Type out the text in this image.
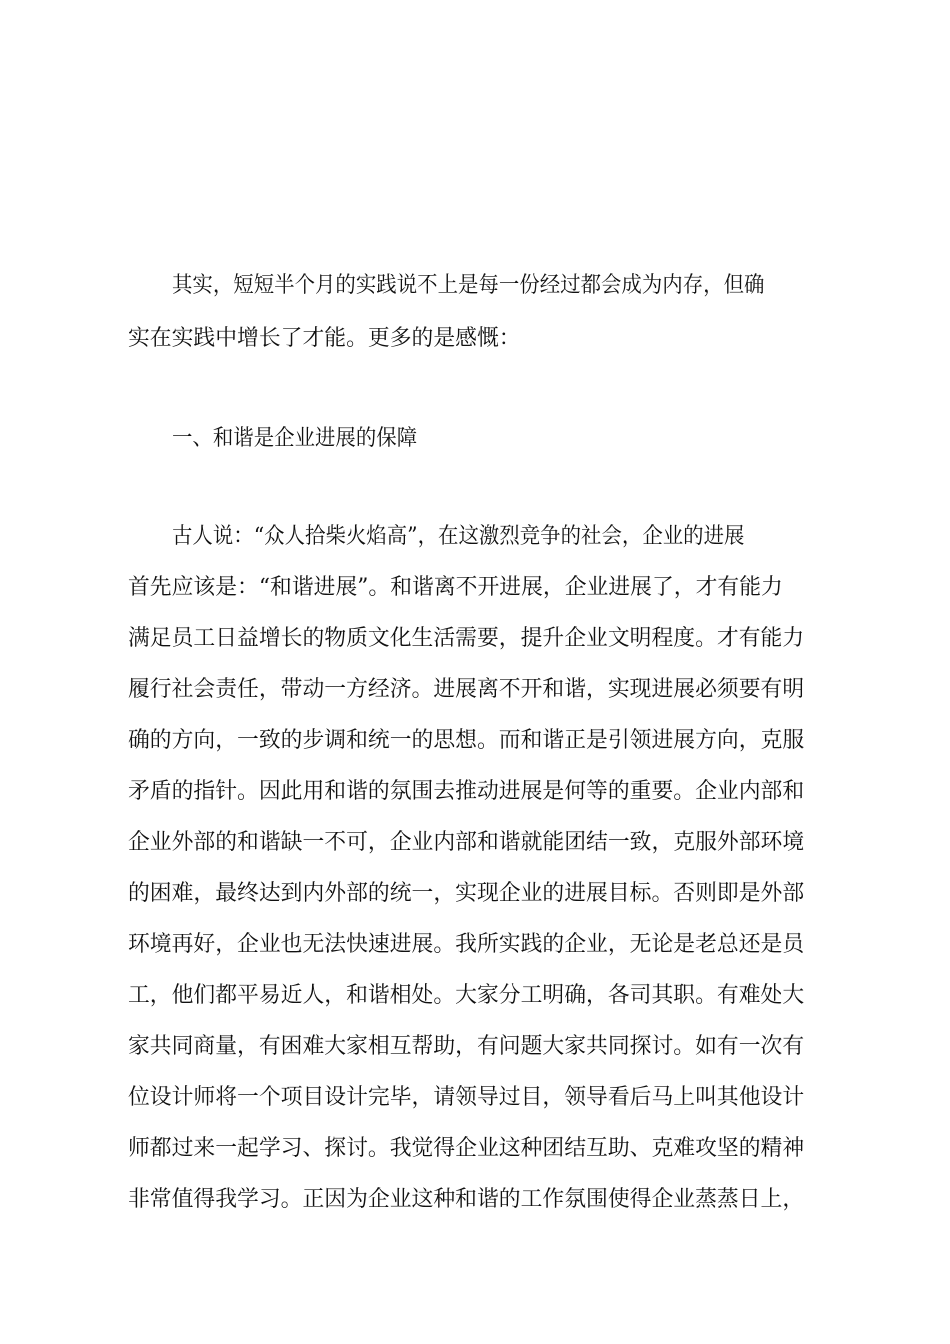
其实，短短半个月的实践说不上是每一份经过都会成为内存，但确
实在实践中增长了才能。更多的是感慨：
一、和谐是企业进展的保障
古人说：“众人拾柴火焰高”，在这激烈竞争的社会，企业的进展
首先应该是：“和谐进展”。和谐离不开进展，企业进展了，才有能力
满足员工日益增长的物质文化生活需要，提升企业文明程度。才有能力
履行社会责任，带动一方经济。进展离不开和谐，实现进展必须要有明
确的方向，一致的步调和统一的思想。而和谐正是引领进展方向，克服
矛盾的指针。因此用和谐的氛围去推动进展是何等的重要。企业内部和
企业外部的和谐缺一不可，企业内部和谐就能团结一致，克服外部环境
的困难，最终达到内外部的统一，实现企业的进展目标。否则即是外部
环境再好，企业也无法快速进展。我所实践的企业，无论是老总还是员
工，他们都平易近人，和谐相处。大家分工明确，各司其职。有难处大
家共同商量，有困难大家相互帮助，有问题大家共同探讨。如有一次有
位设计师将一个项目设计完毕，请领导过目，领导看后马上叫其他设计
师都过来一起学习、探讨。我觉得企业这种团结互助、克难攻坚的精神
非常值得我学习。正因为企业这种和谐的工作氛围使得企业蒸蒸日上，
